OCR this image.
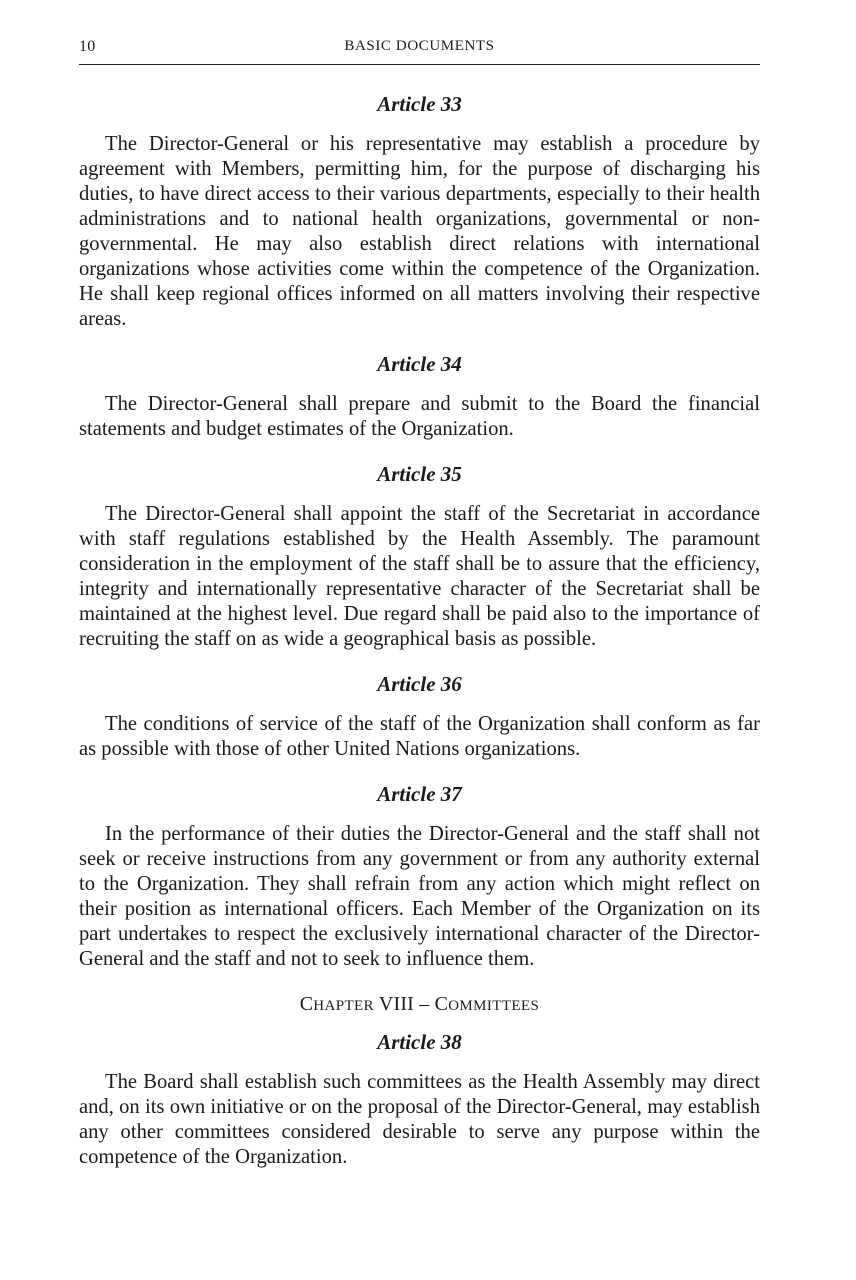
10	BASIC DOCUMENTS
Article 33

The Director-General or his representative may establish a procedure by agreement with Members, permitting him, for the purpose of discharging his duties, to have direct access to their various departments, especially to their health administrations and to national health organizations, governmental or non-governmental. He may also establish direct relations with international organizations whose activities come within the competence of the Organization. He shall keep regional offices informed on all matters involving their respective areas.

Article 34

The Director-General shall prepare and submit to the Board the financial statements and budget estimates of the Organization.

Article 35

The Director-General shall appoint the staff of the Secretariat in accordance with staff regulations established by the Health Assembly. The paramount consideration in the employment of the staff shall be to assure that the efficiency, integrity and internationally representative character of the Secretariat shall be maintained at the highest level. Due regard shall be paid also to the importance of recruiting the staff on as wide a geographical basis as possible.

Article 36

The conditions of service of the staff of the Organization shall conform as far as possible with those of other United Nations organizations.

Article 37

In the performance of their duties the Director-General and the staff shall not seek or receive instructions from any government or from any authority external to the Organization. They shall refrain from any action which might reflect on their position as international officers. Each Member of the Organization on its part undertakes to respect the exclusively international character of the Director-General and the staff and not to seek to influence them.

CHAPTER VIII – COMMITTEES
Article 38

The Board shall establish such committees as the Health Assembly may direct and, on its own initiative or on the proposal of the Director-General, may establish any other committees considered desirable to serve any purpose within the competence of the Organization.
